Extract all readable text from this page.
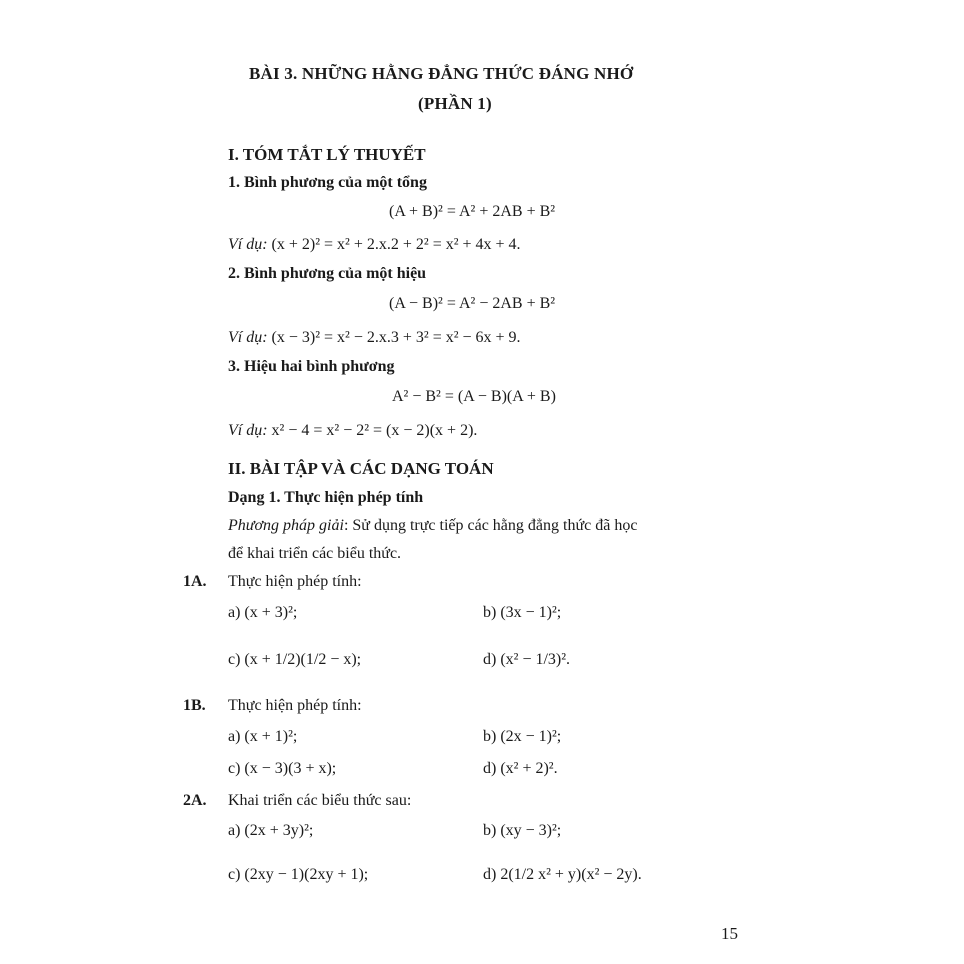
BÀI 3. NHỮNG HẰNG ĐẲNG THỨC ĐÁNG NHỚ
(PHẦN 1)
I. TÓM TẮT LÝ THUYẾT
1. Bình phương của một tổng
(A + B)² = A² + 2AB + B²
Ví dụ: (x + 2)² = x² + 2.x.2 + 2² = x² + 4x + 4.
2. Bình phương của một hiệu
(A − B)² = A² − 2AB + B²
Ví dụ: (x − 3)² = x² − 2.x.3 + 3² = x² − 6x + 9.
3. Hiệu hai bình phương
A² − B² = (A − B)(A + B)
Ví dụ: x² − 4 = x² − 2² = (x − 2)(x + 2).
II. BÀI TẬP VÀ CÁC DẠNG TOÁN
Dạng 1. Thực hiện phép tính
Phương pháp giải: Sử dụng trực tiếp các hằng đẳng thức đã học
để khai triển các biểu thức.
1A. Thực hiện phép tính:
a) (x + 3)²;	b) (3x − 1)²;
c) (x + 1/2)(1/2 − x);	d) (x² − 1/3)².
1B. Thực hiện phép tính:
a) (x + 1)²;	b) (2x − 1)²;
c) (x − 3)(3 + x);	d) (x² + 2)².
2A. Khai triển các biểu thức sau:
a) (2x + 3y)²;	b) (xy − 3)²;
c) (2xy − 1)(2xy + 1);	d) 2(1/2 x² + y)(x² − 2y).
15
